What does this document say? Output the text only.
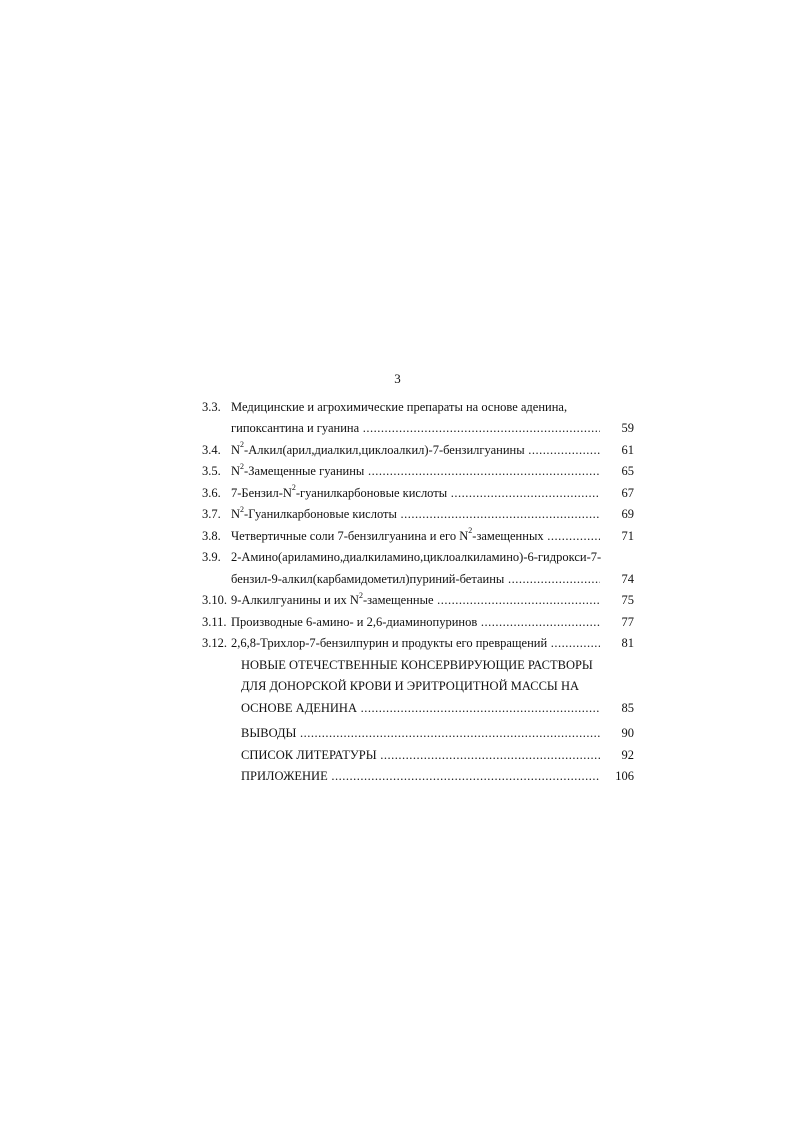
3
3.3. Медицинские и агрохимические препараты на основе аденина,
гипоксантина и гуанина .....	59
3.4. $N^2-Алкил(арил,диалкил,циклоалкил)-7$-бензилгуанины .....	61
3.5. $N^2$-Замещенные гуанины .....	65
3.6. $7-Бензил-N^2$-гуанилкарбоновые кислоты .....	67
3.7. $N^2$-Гуанилкарбоновые кислоты .....	69
3.8. Четвертичные соли 7-бензилгуанина и его $N^2$-замещенных .....	71
3.9. 2-Амино(ариламино,диалкиламино,циклоалкиламино)-6-гидрокси-7-
бензил-9-алкил(карбамидометил)пуриний-бетаины .....	74
3.10. 9-Алкилгуанины и их $N^2$-замещенные .....	75
3.11. Производные 6-амино- и 2,6-диаминопуринов .....	77
3.12. 2,6,8-Трихлор-7-бензилпурин и продукты его превращений .....	81
НОВЫЕ ОТЕЧЕСТВЕННЫЕ КОНСЕРВИРУЮЩИЕ РАСТВОРЫ
ДЛЯ ДОНОРСКОЙ КРОВИ И ЭРИТРОЦИТНОЙ МАССЫ НА
ОСНОВЕ АДЕНИНА .....	85
ВЫВОДЫ .....	90
СПИСОК ЛИТЕРАТУРЫ .....	92
ПРИЛОЖЕНИЕ .....	106
